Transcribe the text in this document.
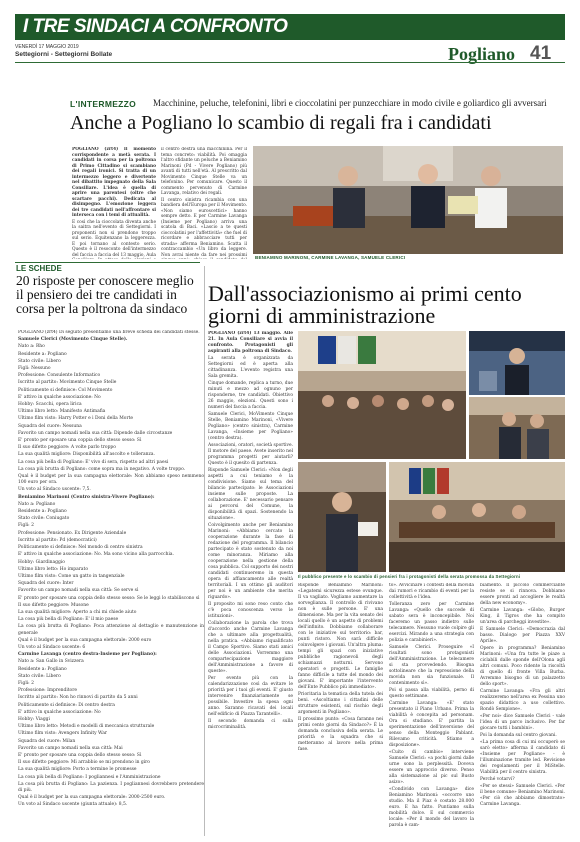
I TRE SINDACI A CONFRONTO
VENERDÌ 17 MAGGIO 2019
Settegiorni - Settegiorni Bollate	Pogliano 41
L'INTERMEZZO Macchinine, peluche, telefonini, libri e cioccolatini per punzecchiare in modo civile e goliardico gli avversari
Anche a Pogliano lo scambio di regali fra i candidati

POGLIANO (zrt4) Il momento corrispondente a metà serata. I candidati in corsa per la poltrona di Primo Cittadino si scambiano dei regali ironici. Si tratta di un intermezzo leggero e divertente nel dibattito impegnato della Sala Consiliare. L'idea è quella di aprire una parentesi (oltre che scartare pacchi). Dedicata al disimpegno. L'emozione leggera dei tre candidati nell'affrontare si interseca con i temi di attualità.

E così che la cioccolata diventa anche la saitra nell'evento di Settegiorni. I proponenti non si prendono troppo sul serio. Equitenzano la leggerezza. E poi tornano al contesto serio. Questo è il resoconto dell'intermezzo del faccia a faccia del 13 maggio, Aula

il centro destra una macchinina. Per il tema concreto: viabilità. Poi omaggia l'altro sfidante un peluche a Beniamino Marinoni (Pd - Vivere Pogliano) più avanti di tutti nell'età. Al prescritto dal Movimento Cinque Stelle va un telefonino. Per comunicare. Questo il commento pervenuto di Carmine Lavanga, relativo dei regali.

Il centro sinistra ricambia con una bandiera dell'Europa per il Movimento. «Non siamo euroscettici» hanno sempre detto. E per Carmine Lavanga (Insieme per Pogliano) arriva una scatola di Baci. «Lascio a te questi cioccolatini per l'affettività» che fuel di ricordare e abbracciare tutti per strada» afferma Beniamino. Scatta il contraccambio «Un libro da leggere. Non avrai niente da fare nei prossimi BENIAMINO MARINONI, CARMINE LAVANGA, SAMUELE CLERICI
LE SCHEDE
20 risposte per conoscere meglio il pensiero dei tre candidati in corsa per la poltrona da sindaco

POGLIANO (zrt4) Di seguito presentiamo una breve scheda dei candidati stesse.

Samuele Clerici (Movimento Cinque Stelle).

Nato a: Rho

Residente a: Pogliano

Stato civile: Libero

Figli: Nessuno

Professione: Consulente Informatico

Iscritto al partito: Movimento Cinque Stelle

Politicamente si definisce: Col Movimento

E' attivo in qualche associazione: No

Hobby: Scacchi, opera lirica

Ultimo libro letto: Manifesto Antimafia

Ultimo film visto: Harry Potter e i Doni della Morte

Squadra del cuore: Nessuna

Favorito un campo nomadi nella sua città: Dipende dalle circostanze

E' pronto per sposare una coppia dello stesso sesso: Sì

Il suo difetto peggiore: A volte parlo troppo

La sua qualità migliore: Disponibilità all'ascolto e tolleranza.

La cosa più bella di Pogliano: E' vivo di sera, rispetto ad altri paesi

La cosa più brutta di Pogliano: come sopra ma in negativo. A volte troppo.

Qual è il budget per la sua campagna elettorale: Non abbiamo speso nemmeno 100 euro per ora.

Un voto al Sindaco uscente: 7,5.

Beniamino Marinoni (Centro sinistra-Vivere Pogliano):

Nato a: Pogliano

Residente a: Pogliano

Stato civile: Coniugato

Figli: 2

Professione: Pensionato. Ex Dirigente Aziendale

Iscritto al partito: Pd (democratici)

Politicamente si definisce: Nel mondo di centro sinistra

E' attivo in qualche associazione: No. Ma sono vicino alla parrocchia.

Hobby: Giardinaggio

Ultimo libro letto: Ho imparato

Ultimo film visto: Come un gatto in tangenziale

Squadra del cuore: Inter

Favorito un campo nomadi nella sua città: Se serve sì

E' pronto per sposare una coppia dello stesso sesso: Se le leggi lo stabiliscono sì

Il suo difetto peggiore: Musone

La sua qualità migliore: Aperto a chi mi chiede aiuto

La cosa più bella di Pogliano: E' il mio paese

La cosa più brutta di Pogliano: Poca attenzione al dettaglio e manutenzione in generale

Qual è il budget per la sua campagna elettorale: 2000 euro

Un voto al Sindaco uscente: 6

Carmine Lavanga (centro destra-Insieme per Pogliano):

Nato a: San Gallo in Svizzera

Residente a: Pogliano

Stato civile: Libero

Figli: 2

Professione: Imprenditore

Iscritto al partito: Non ho rinnovi di partito da 5 anni

Politicamente si definisce: Di centro destra

E' attivo in qualche associazione: No

Hobby: Viaggi

Ultimo libro letto: Metodi e modelli di meccanica strutturale

Ultimo film visto: Avengers Infinity War

Squadra del cuore: Milan

Favorito un campo nomadi nella sua città: Mai

E' pronto per sposare una coppia dello stesso sesso: Sì

Il suo difetto peggiore: Mi arrabbio se mi prendono in giro

La sua qualità migliore: Porto a termine le promesse

La cosa più bella di Pogliano: I pogliannesi e l'Amministrazione

La cosa più brutta di Pogliano: La pazienza. I pogliannesi dovrebbero pretendere di più.

Qual è il budget per la sua campagna elettorale: 2000-2500 euro.

Un voto al Sindaco uscente (giunta attuale): 8,5.

Dall'associazionismo ai primi cento giorni di amministrazione

POGLIANO (zrt4) 13 maggio. Alle 21. In Aula Consiliare si avvia il confronto. Protagonisti gli aspiranti alla poltrona di Sindaco.

La serata è organizzata da Settegiorni ed è aperta alla cittadinanza. L'evento registra una Sala gremita.

Cinque domande, replica a turno, due minuti e mezzo ad ognuno per risponderne, tre candidati. Obiettivo 26 maggio, elezioni. Questi sono i numeri del faccia a faccia.

Samuele Clerici, MoVimento Cinque Stelle, Beniamino Marinoni, «Vivere Pogliano» (centro sinistra), Carmine Lavanga, «Insieme per Pogliano» (centro destra).

Associazioni, oratori, società sportive. Il motore del paese. Avete inserito nel programma progetti per aiutarli? Questo è il quesito di partenza.

Risponde Samuele Clerici: «Non degli aspetti a cui teniamo è la condivisione. Siamo sul tema del bilancio partecipato: le Associazioni insieme sulle proposte. La collaborazione. E' necessario pensare ai percorsi del Comune, la disponibilità di spazi. Sostenendo la situazione».

Coivolgimento anche per Beniamino Marinoni: «Abbiamo cercato la cooperazione durante la fase di redazione del programma. Il bilancio partecipato è stato sostenuto da noi come minoranza. Miriamo alla cooperazione nella gestione della cosa pubblica. Col supporto dei nostri candidati continueremo in questa opera di affiancamento alle realtà territoriali. I un ottimo gli auditori per noi è un ambiente che merita riguardo».

Il proposito mi sono reso conto che c'è poca conoscenza verso le istituzioni».

Collaborazione la parola che trova d'accordo anche Carmine Lavanga che a ultimare alla progettualità, nella pratica. «Abbiamo riqualificato il Campo Sportivo. Siamo stati amici delle Associazioni. Vorremmo una compartecipazione maggiore dell'Amministrazione a favore di queste».

Per evento più con la calendarizzazione così da evitare le priorità per i tuoi gli eventi. E' giusto intervenire finanziariamente se possibile. Investire la spesa ogni anno. Saranno ricavati dei locali nell'edificio di Piazza Tarantelli».

Il secondo domanda ci sulla microcriminalità.

Il pubblico presente e lo scambio di pensieri fra i protagonisti della serata promossa da Settegiorni

Risponde Beniamino Marinoni: «Legatemi sicurezza estese ovunque. Il va vagliato. Vogliamo aumentare la sorveglianza. Il controllo di rivivano non è sulle persone. E' una dimensione. Ma per la vita senato dei locali quello è un aspetto di problemi dell'infinito. Dobbiamo collaborare con le iniziative sul territorio: bar, punti ristoro. Non sarà difficile coinvolgere i giovani. Un'altra pluma: tempi gli spazi con iniziative pubbliche ragionevoli degli schiamazzi notturni. Servono operatori e progetti. Le famiglie fanno difficile a tutte del mondo dei giovani. E' importante l'intervento dell'Ente Pubblico più immediato».

Prioritaria la tematica della tutela dei beni. «Ascoltiamo i cittadini delle strutture esistenti, sul rischio degli argomenti in Pogliano».

Il prossimo punto: «Cosa faranno nei primi cento giorni da Sindaco?» È la domanda conclusiva della serata. Le priorità e la squadra che si metteranno al lavoro nella prima fase.

to». Avvicinare i contesti della movida dai rumori e ricambio di eventi per la collettività e l'idea.

Tolleranza zero per Carmine Lavanga: «Quello che succede di sabato sera è inconcepibile. Noi faceremo un passo indietro sulle telecamere. Nessuno vuole colpire gli esercizi. Mirando a una strategia con polizia e carabinieri».

Samuele Clerici. Proseguire «I risultati sono protagonisti dell'Amministrazione. Le telecamere si sta provvedendo. Bisogna sottolineare che la repressione della movida non sia funzionale. Il contenimento sì».

Poi si passa alla viabilità, perno di questo settimane.

Carmine Lavanga: «E' stato presentato il Piano Urbano. Prima la viabilità è concepita ad personam. Ora si studiano. E' partita la sperimentazione dell'inversione del senso della Monteggio Pablant. Rilevamo criticità. Stiamo a disposizione».

«Cuito di cambio» interviene Samuele Clerici: «a pochi giorni dalle urne sono la perplessità. Doveva essere un approccio diverso. Penso alla sistemazione al pic sul Busto asizo».

«Condivido con Lavanga» dice Beniamino Marinoni: «occorre uno studio. Ma il Piaz è costato 28.000 euro. E ha fatto. Puntiamo sulla mobilità dolce. E sul commercio locale: «Per il mondo del lavoro la parola è cam-

biamento. Il piccolo commerciante resiste se si rinnova. Dobbiamo essere pronti ad accogliere le realtà della new economy».

Carmine Lavanga: «Globo, Burger King, il Tigros che ha compito un'area di parcheggi investite».

E Samuele Clerici: «Democrazia dal basso. Dialogo per Piazza XXV Aprile».

Opere in programma? Beniamino Marinoni: «Una fra tutte le piaze a ciclabili dalle sponde dell'Olona agli altri comuni. Poco ridente la riscoltà di quello di fronte Villa Burba. Avremmo bisogno di un palazzetto dello sport».

Carmine Lavanga: «Fra gli altri realizzeremo nell'area ex Pessina uno spazio didattico a uso collettivo. Rondò Sempione».

«Per noi» dice Samuele Clerici - vale l'idea di un parco inclusivo. Per far giocare tutti i bambini».

Poi la domanda sul centro giovani.

«La prima cosa di cui mi occuperò se sarò eletto» afferma il candidato di «Insieme per Pogliano» - è l'illuminazione tramite led. Revisione dei regolamenti per il MiStelle. Viabilità per il centro sinistra.

Perché votarvi?

«Per se stessi» Samuele Clerici. «Per il bene comune» Beniamino Marinoni. «Per ciò che abbiamo dimostrato» Carmine Lavanga.
